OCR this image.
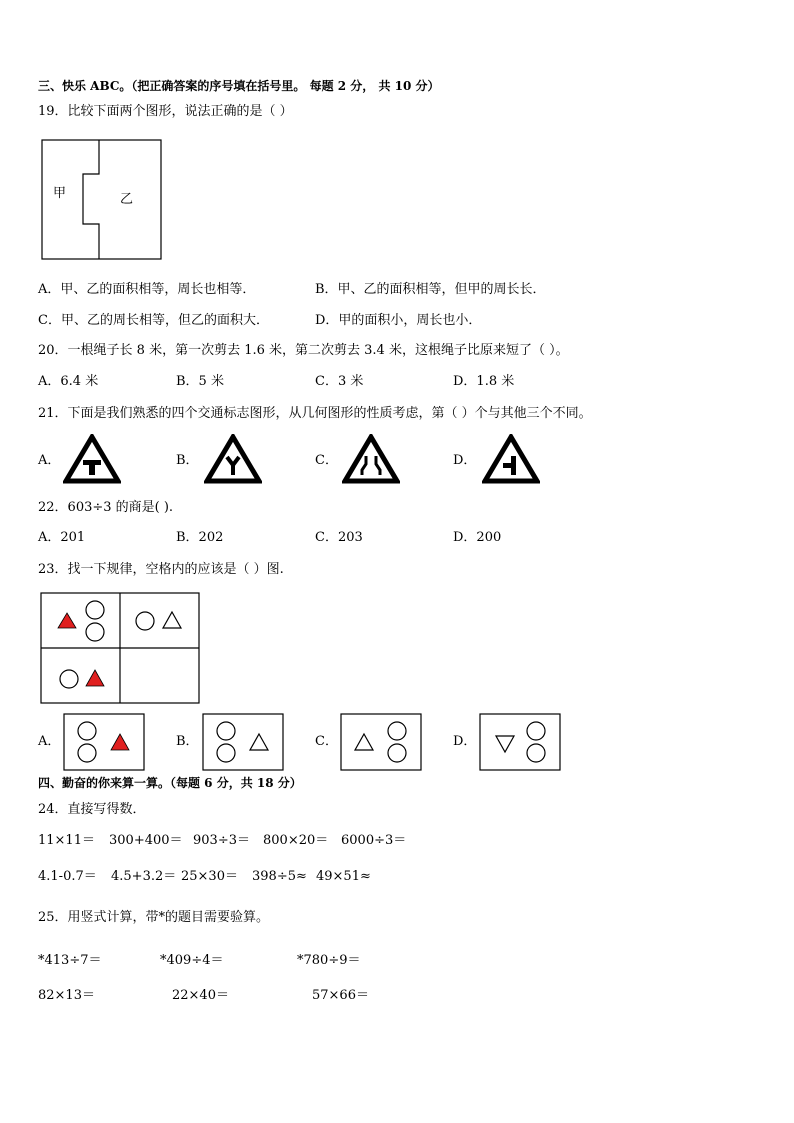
三、快乐 ABC。（把正确答案的序号填在括号里。 每题 2 分， 共 10 分）
19．比较下面两个图形，说法正确的是（ ）
甲	乙
A．甲、乙的面积相等，周长也相等．	B．甲、乙的面积相等，但甲的周长长．
C．甲、乙的周长相等，但乙的面积大．	D．甲的面积小，周长也小．
20．一根绳子长 8 米，第一次剪去 1.6 米，第二次剪去 3.4 米，这根绳子比原来短了（ ）。
A．6.4 米	B．5 米	C．3 米	D．1.8 米
21．下面是我们熟悉的四个交通标志图形，从几何图形的性质考虑，第（ ）个与其他三个不同。
A．	B．	C．	D．
22．603÷3 的商是( ).
A．201	B．202	C．203	D．200
23．找一下规律，空格内的应该是（ ）图.
A．	B．	C．	D．
四、勤奋的你来算一算。（每题 6 分，共 18 分）
24．直接写得数．
11×11＝ 300+400＝ 903÷3＝ 800×20＝ 6000÷3＝
4.1-0.7＝ 4.5+3.2＝ 25×30＝ 398÷5≈ 49×51≈
25．用竖式计算，带*的题目需要验算。
*413÷7＝	*409÷4＝	*780÷9＝
82×13＝	22×40＝	57×66＝
